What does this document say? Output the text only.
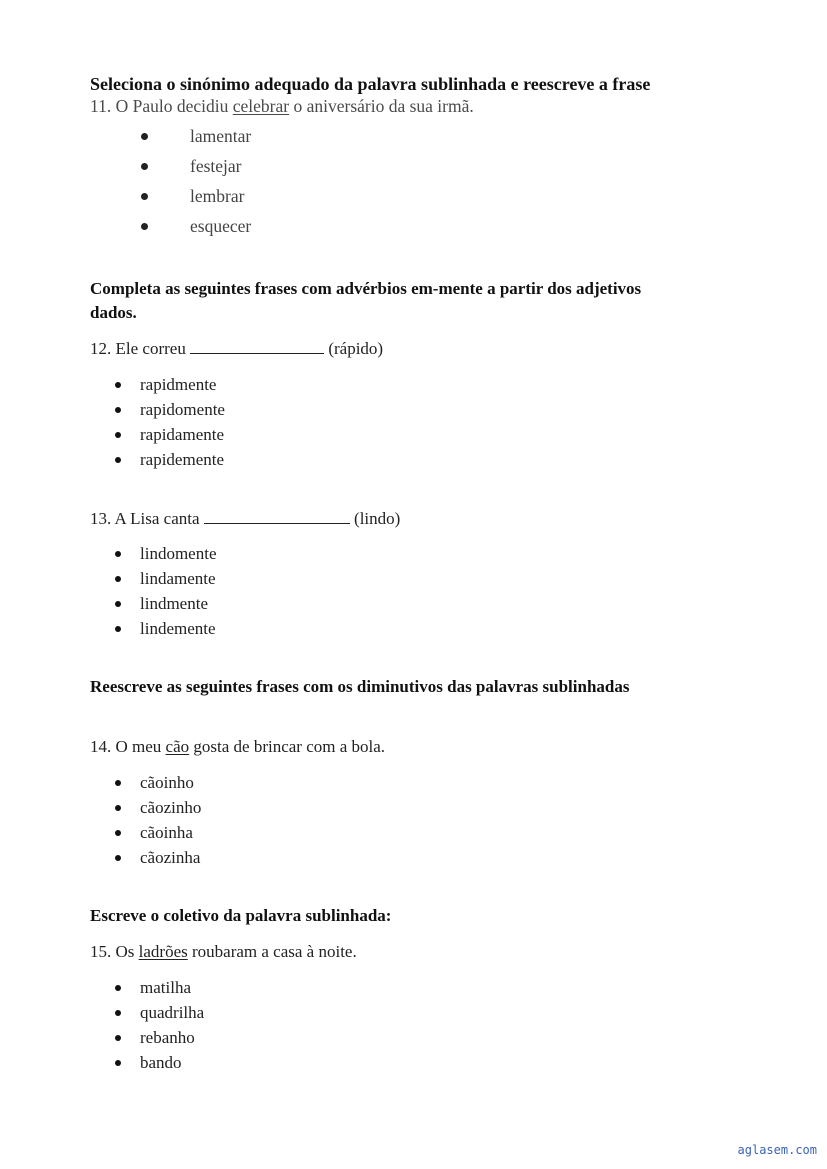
Seleciona o sinónimo adequado da palavra sublinhada e reescreve a frase

11. O Paulo decidiu celebrar o aniversário da sua irmã.

lamentar
festejar
lembrar
esquecer

Completa as seguintes frases com advérbios em-mente a partir dos adjetivos

dados.

12. Ele correu	(rápido)

rapidmente
rapidomente
rapidamente
rapidemente

13. A Lisa canta	(lindo)

lindomente
lindamente
lindmente
lindemente

Reescreve as seguintes frases com os diminutivos das palavras sublinhadas

14. O meu cão gosta de brincar com a bola.

cãoinho
cãozinho
cãoinha
cãozinha

Escreve o coletivo da palavra sublinhada:

15. Os ladrões roubaram a casa à noite.

matilha
quadrilha
rebanho
bando
aglasem.com
